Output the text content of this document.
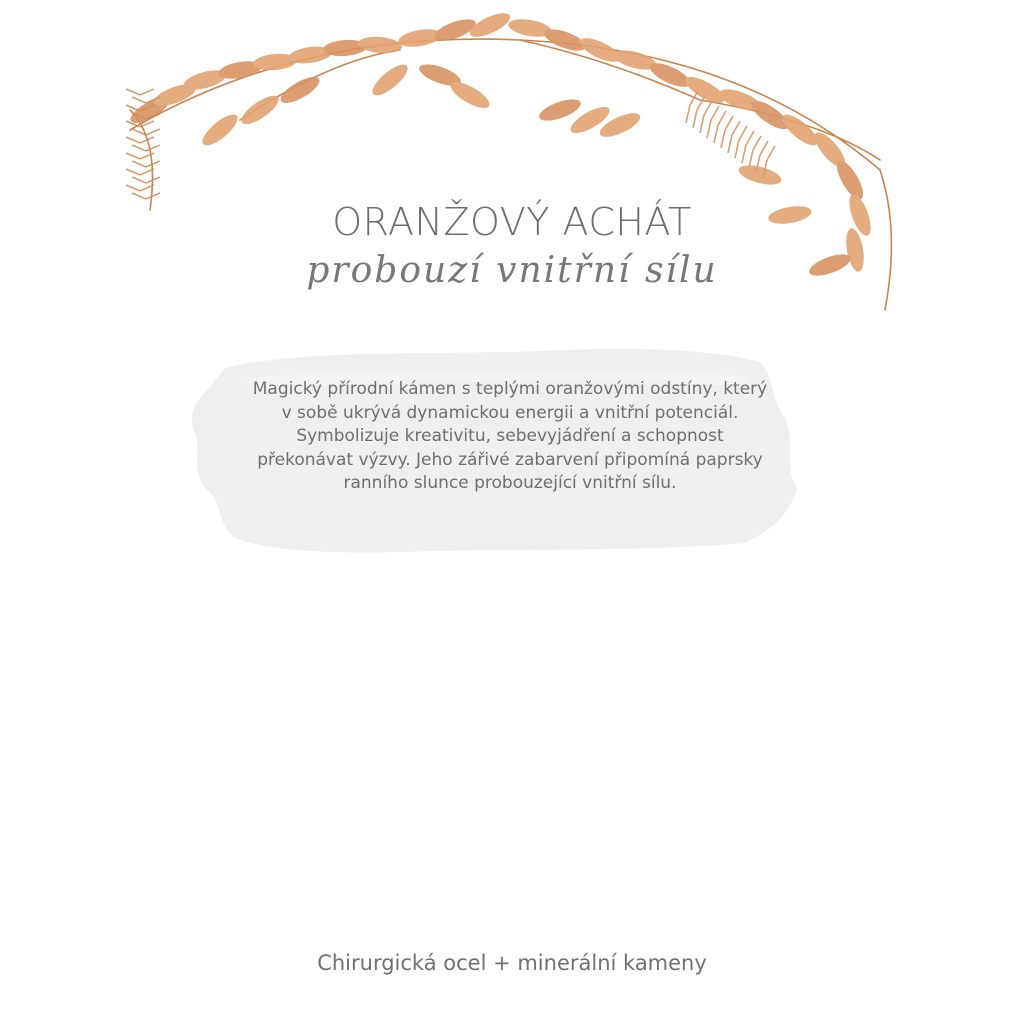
ORANŽOVÝ ACHÁT
probouzí vnitřní sílu

Magický přírodní kámen s teplými oranžovými odstíny, který v sobě ukrývá dynamickou energii a vnitřní potenciál. Symbolizuje kreativitu, sebevyjádření a schopnost překonávat výzvy. Jeho zářivé zabarvení připomíná paprsky ranního slunce probouzející vnitřní sílu.

Chirurgická ocel + minerální kameny
